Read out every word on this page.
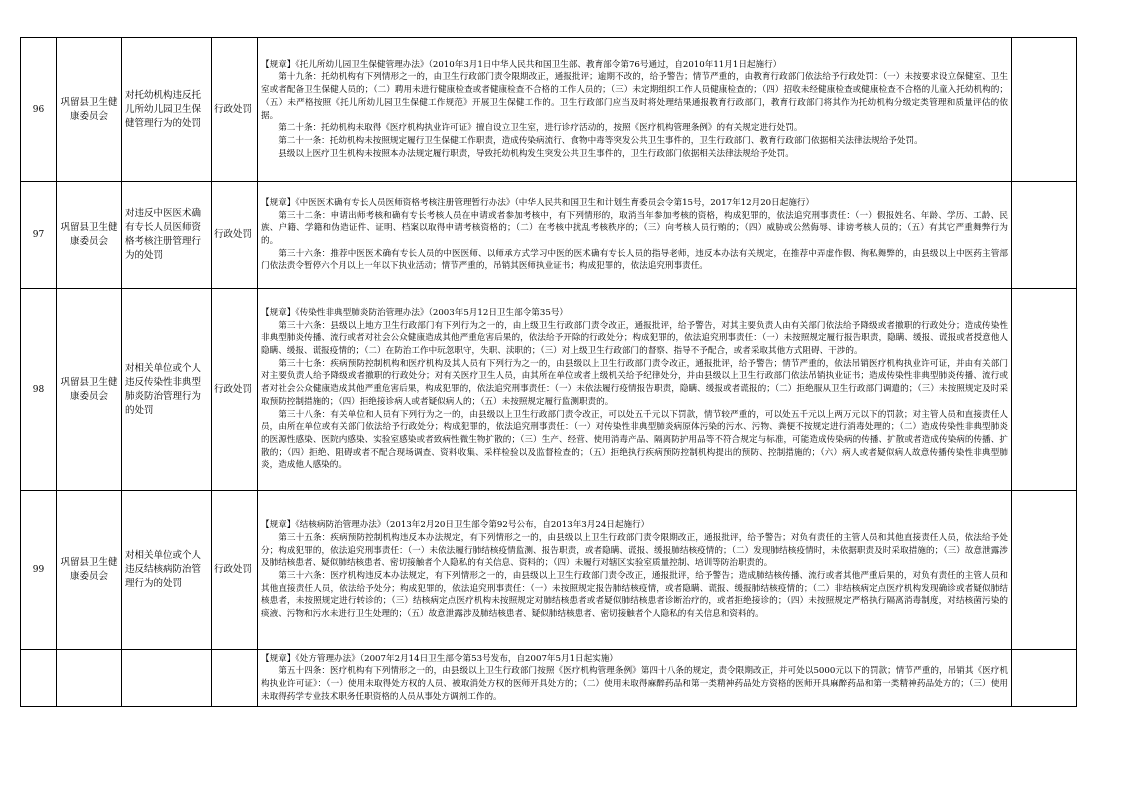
96	巩留县卫生健康委员会	对托幼机构违反托儿所幼儿园卫生保健管理行为的处罚	行政处罚	【规章】《托儿所幼儿园卫生保健管理办法》（2010年3月1日中华人民共和国卫生部、教育部令第76号通过，自2010年11月1日起施行）

第十九条：托幼机构有下列情形之一的，由卫生行政部门责令限期改正，通报批评；逾期不改的，给予警告；情节严重的，由教育行政部门依法给予行政处罚：（一）未按要求设立保健室、卫生室或者配备卫生保健人员的；（二）聘用未进行健康检查或者健康检查不合格的工作人员的；（三）未定期组织工作人员健康检查的；（四）招收未经健康检查或健康检查不合格的儿童入托幼机构的；（五）未严格按照《托儿所幼儿园卫生保健工作规范》开展卫生保健工作的。卫生行政部门应当及时将处理结果通报教育行政部门，教育行政部门将其作为托幼机构分级定类管理和质量评估的依据。

第二十条：托幼机构未取得《医疗机构执业许可证》擅自设立卫生室，进行诊疗活动的，按照《医疗机构管理条例》的有关规定进行处罚。

第二十一条：托幼机构未按照规定履行卫生保健工作职责，造成传染病流行、食物中毒等突发公共卫生事件的，卫生行政部门、教育行政部门依据相关法律法规给予处罚。

县级以上医疗卫生机构未按照本办法规定履行职责，导致托幼机构发生突发公共卫生事件的，卫生行政部门依据相关法律法规给予处罚。	

97	巩留县卫生健康委员会	对违反中医医术确有专长人员医师资格考核注册管理行为的处罚	行政处罚	【规章】《中医医术确有专长人员医师资格考核注册管理暂行办法》（中华人民共和国卫生和计划生育委员会令第15号，2017年12月20日起施行）

第三十二条：申请出师考核和确有专长考核人员在申请或者参加考核中，有下列情形的，取消当年参加考核的资格，构成犯罪的，依法追究刑事责任：（一）假报姓名、年龄、学历、工龄、民族、户籍、学籍和伪造证件、证明、档案以取得申请考核资格的；（二）在考核中扰乱考核秩序的；（三）向考核人员行贿的；（四）威胁或公然侮辱、诽谤考核人员的；（五）有其它严重舞弊行为的。

第三十六条：推荐中医医术确有专长人员的中医医师、以师承方式学习中医的医术确有专长人员的指导老师，违反本办法有关规定，在推荐中弄虚作假、徇私舞弊的，由县级以上中医药主管部门依法责令暂停六个月以上一年以下执业活动；情节严重的，吊销其医师执业证书；构成犯罪的，依法追究刑事责任。	

98	巩留县卫生健康委员会	对相关单位或个人违反传染性非典型肺炎防治管理行为的处罚	行政处罚	【规章】《传染性非典型肺炎防治管理办法》（2003年5月12日卫生部令第35号）

第三十六条：县级以上地方卫生行政部门有下列行为之一的，由上级卫生行政部门责令改正，通报批评，给予警告，对其主要负责人由有关部门依法给予降级或者撤职的行政处分；造成传染性非典型肺炎传播、流行或者对社会公众健康造成其他严重危害后果的，依法给予开除的行政处分；构成犯罪的，依法追究刑事责任：（一）未按照规定履行报告职责，隐瞒、缓报、谎报或者授意他人隐瞒、缓报、谎报疫情的；（二）在防治工作中玩忽职守，失职、渎职的；（三）对上级卫生行政部门的督察、指导不予配合，或者采取其他方式阻碍、干涉的。

第三十七条：疾病预防控制机构和医疗机构及其人员有下列行为之一的，由县级以上卫生行政部门责令改正，通报批评，给予警告；情节严重的，依法吊销医疗机构执业许可证，并由有关部门对主要负责人给予降级或者撤职的行政处分；对有关医疗卫生人员，由其所在单位或者上级机关给予纪律处分，并由县级以上卫生行政部门依法吊销执业证书；造成传染性非典型肺炎传播、流行或者对社会公众健康造成其他严重危害后果，构成犯罪的，依法追究刑事责任：（一）未依法履行疫情报告职责，隐瞒、缓报或者谎报的；（二）拒绝服从卫生行政部门调遣的；（三）未按照规定及时采取预防控制措施的；（四）拒绝接诊病人或者疑似病人的；（五）未按照规定履行监测职责的。

第三十八条：有关单位和人员有下列行为之一的，由县级以上卫生行政部门责令改正，可以处五千元以下罚款，情节较严重的，可以处五千元以上两万元以下的罚款；对主管人员和直接责任人员，由所在单位或有关部门依法给予行政处分；构成犯罪的，依法追究刑事责任：（一）对传染性非典型肺炎病原体污染的污水、污物、粪便不按规定进行消毒处理的；（二）造成传染性非典型肺炎的医源性感染、医院内感染、实验室感染或者致病性微生物扩散的；（三）生产、经营、使用消毒产品、隔离防护用品等不符合规定与标准，可能造成传染病的传播、扩散或者造成传染病的传播、扩散的；（四）拒绝、阻碍或者不配合现场调查、资料收集、采样检验以及监督检查的；（五）拒绝执行疾病预防控制机构提出的预防、控制措施的；（六）病人或者疑似病人故意传播传染性非典型肺炎，造成他人感染的。	

99	巩留县卫生健康委员会	对相关单位或个人违反结核病防治管理行为的处罚	行政处罚	【规章】《结核病防治管理办法》（2013年2月20日卫生部令第92号公布，自2013年3月24日起施行）

第三十五条：疾病预防控制机构违反本办法规定，有下列情形之一的，由县级以上卫生行政部门责令限期改正，通报批评，给予警告；对负有责任的主管人员和其他直接责任人员，依法给予处分；构成犯罪的，依法追究刑事责任：（一）未依法履行肺结核疫情监测、报告职责，或者隐瞒、谎报、缓报肺结核疫情的；（二）发现肺结核疫情时，未依据职责及时采取措施的；（三）故意泄露涉及肺结核患者、疑似肺结核患者、密切接触者个人隐私的有关信息、资料的；（四）未履行对辖区实验室质量控制、培训等防治职责的。

第三十六条：医疗机构违反本办法规定，有下列情形之一的，由县级以上卫生行政部门责令改正，通报批评，给予警告；造成肺结核传播、流行或者其他严重后果的，对负有责任的主管人员和其他直接责任人员，依法给予处分；构成犯罪的，依法追究刑事责任：（一）未按照规定报告肺结核疫情，或者隐瞒、谎报、缓报肺结核疫情的；（二）非结核病定点医疗机构发现确诊或者疑似肺结核患者，未按照规定进行转诊的；（三）结核病定点医疗机构未按照规定对肺结核患者或者疑似肺结核患者诊断治疗的，或者拒绝接诊的；（四）未按照规定严格执行隔离消毒制度，对结核菌污染的痰液、污物和污水未进行卫生处理的；（五）故意泄露涉及肺结核患者、疑似肺结核患者、密切接触者个人隐私的有关信息和资料的。	

				【规章】《处方管理办法》（2007年2月14日卫生部令第53号发布，自2007年5月1日起实施）

第五十四条：医疗机构有下列情形之一的，由县级以上卫生行政部门按照《医疗机构管理条例》第四十八条的规定，责令限期改正，并可处以5000元以下的罚款；情节严重的，吊销其《医疗机构执业许可证》：（一）使用未取得处方权的人员、被取消处方权的医师开具处方的；（二）使用未取得麻醉药品和第一类精神药品处方资格的医师开具麻醉药品和第一类精神药品处方的；（三）使用未取得药学专业技术职务任职资格的人员从事处方调剂工作的。	
